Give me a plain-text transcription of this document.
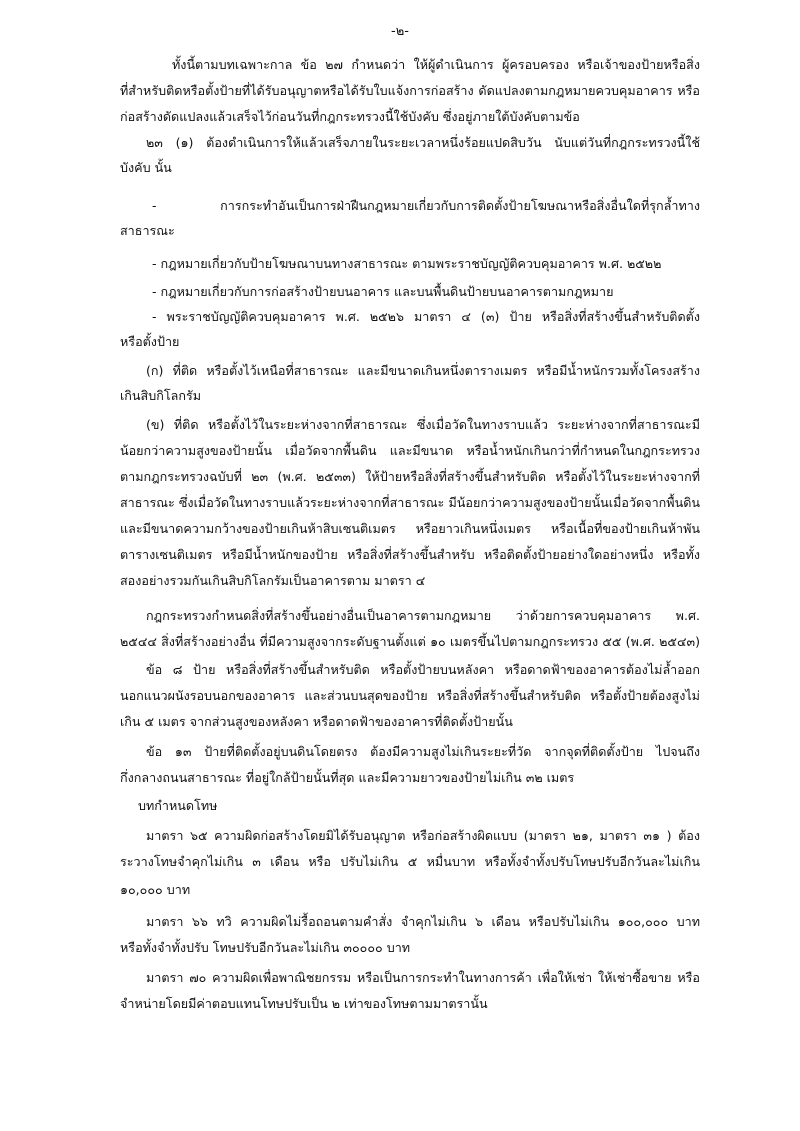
-๒-
ทั้งนี้ตามบทเฉพาะกาล ข้อ ๒๗ กำหนดว่า ให้ผู้ดำเนินการ ผู้ครอบครอง หรือเจ้าของป้ายหรือสิ่ง
ที่สำหรับติดหรือตั้งป้ายที่ได้รับอนุญาตหรือได้รับใบแจ้งการก่อสร้าง ดัดแปลงตามกฎหมายควบคุมอาคาร หรือ
ก่อสร้างดัดแปลงแล้วเสร็จไว้ก่อนวันที่กฎกระทรวงนี้ใช้บังคับ ซึ่งอยู่ภายใต้บังคับตามข้อ
๒๓ (๑) ต้องดำเนินการให้แล้วเสร็จภายในระยะเวลาหนึ่งร้อยแปดสิบวัน นับแต่วันที่กฎกระทรวงนี้ใช้
บังคับ นั้น
- การกระทำอันเป็นการฝ่าฝืนกฎหมายเกี่ยวกับการติดตั้งป้ายโฆษณาหรือสิ่งอื่นใดที่รุกล้ำทาง
สาธารณะ
- กฎหมายเกี่ยวกับป้ายโฆษณาบนทางสาธารณะ ตามพระราชบัญญัติควบคุมอาคาร พ.ศ. ๒๕๒๒
- กฎหมายเกี่ยวกับการก่อสร้างป้ายบนอาคาร และบนพื้นดินป้ายบนอาคารตามกฎหมาย
- พระราชบัญญัติควบคุมอาคาร พ.ศ. ๒๕๒๖ มาตรา ๔ (๓) ป้าย หรือสิ่งที่สร้างขึ้นสำหรับติดตั้ง
หรือตั้งป้าย
(ก) ที่ติด หรือตั้งไว้เหนือที่สาธารณะ และมีขนาดเกินหนึ่งตารางเมตร หรือมีน้ำหนักรวมทั้งโครงสร้าง
เกินสิบกิโลกรัม
(ข) ที่ติด หรือตั้งไว้ในระยะห่างจากที่สาธารณะ ซึ่งเมื่อวัดในทางราบแล้ว ระยะห่างจากที่สาธารณะมี
น้อยกว่าความสูงของป้ายนั้น เมื่อวัดจากพื้นดิน และมีขนาด หรือน้ำหนักเกินกว่าที่กำหนดในกฎกระทรวง
ตามกฎกระทรวงฉบับที่ ๒๓ (พ.ศ. ๒๕๓๓) ให้ป้ายหรือสิ่งที่สร้างขึ้นสำหรับติด หรือตั้งไว้ในระยะห่างจากที่
สาธารณะ ซึ่งเมื่อวัดในทางราบแล้วระยะห่างจากที่สาธารณะ มีน้อยกว่าความสูงของป้ายนั้นเมื่อวัดจากพื้นดิน
และมีขนาดความกว้างของป้ายเกินห้าสิบเซนติเมตร หรือยาวเกินหนึ่งเมตร หรือเนื้อที่ของป้ายเกินห้าพัน
ตารางเซนติเมตร หรือมีน้ำหนักของป้าย หรือสิ่งที่สร้างขึ้นสำหรับ หรือติดตั้งป้ายอย่างใดอย่างหนึ่ง หรือทั้ง
สองอย่างรวมกันเกินสิบกิโลกรัมเป็นอาคารตาม มาตรา ๔
กฎกระทรวงกำหนดสิ่งที่สร้างขึ้นอย่างอื่นเป็นอาคารตามกฎหมาย ว่าด้วยการควบคุมอาคาร พ.ศ.
๒๕๔๔ สิ่งที่สร้างอย่างอื่น ที่มีความสูงจากระดับฐานตั้งแต่ ๑๐ เมตรขึ้นไปตามกฎกระทรวง ๕๕ (พ.ศ. ๒๕๔๓)
ข้อ ๘ ป้าย หรือสิ่งที่สร้างขึ้นสำหรับติด หรือตั้งป้ายบนหลังคา หรือดาดฟ้าของอาคารต้องไม่ล้ำออก
นอกแนวผนังรอบนอกของอาคาร และส่วนบนสุดของป้าย หรือสิ่งที่สร้างขึ้นสำหรับติด หรือตั้งป้ายต้องสูงไม่
เกิน ๕ เมตร จากส่วนสูงของหลังคา หรือดาดฟ้าของอาคารที่ติดตั้งป้ายนั้น
ข้อ ๑๓ ป้ายที่ติดตั้งอยู่บนดินโดยตรง ต้องมีความสูงไม่เกินระยะที่วัด จากจุดที่ติดตั้งป้าย ไปจนถึง
กึ่งกลางถนนสาธารณะ ที่อยู่ใกล้ป้ายนั้นที่สุด และมีความยาวของป้ายไม่เกิน ๓๒ เมตร
บทกำหนดโทษ
มาตรา ๖๕ ความผิดก่อสร้างโดยมิได้รับอนุญาต หรือก่อสร้างผิดแบบ (มาตรา ๒๑, มาตรา ๓๑ ) ต้อง
ระวางโทษจำคุกไม่เกิน ๓ เดือน หรือ ปรับไม่เกิน ๕ หมื่นบาท หรือทั้งจำทั้งปรับโทษปรับอีกวันละไม่เกิน
๑๐,๐๐๐ บาท
มาตรา ๖๖ ทวิ ความผิดไม่รื้อถอนตามคำสั่ง จำคุกไม่เกิน ๖ เดือน หรือปรับไม่เกิน ๑๐๐,๐๐๐ บาท
หรือทั้งจำทั้งปรับ โทษปรับอีกวันละไม่เกิน ๓๐๐๐๐ บาท
มาตรา ๗๐ ความผิดเพื่อพาณิชยกรรม หรือเป็นการกระทำในทางการค้า เพื่อให้เช่า ให้เช่าซื้อขาย หรือ
จำหน่ายโดยมีค่าตอบแทนโทษปรับเป็น ๒ เท่าของโทษตามมาตรานั้น
